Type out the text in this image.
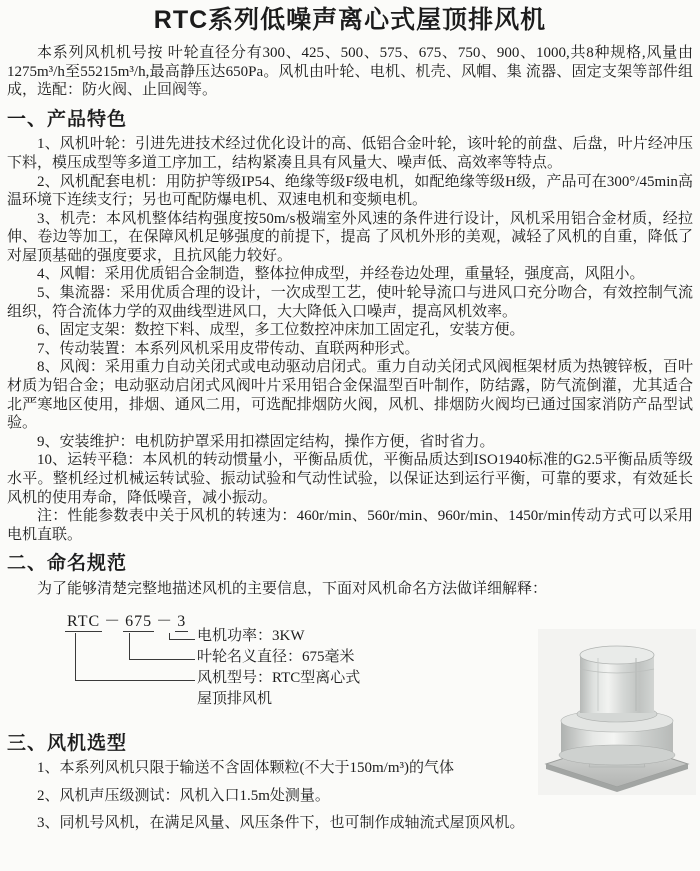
RTC系列低噪声离心式屋顶排风机

本系列风机机号按 叶轮直径分有300、425、500、575、675、750、900、1000,共8种规格,风量由1275m³/h至55215m³/h,最高静压达650Pa。风机由叶轮、电机、机壳、风帽、集 流器、固定支架等部件组成，选配：防火阀、止回阀等。

一、产品特色

1、风机叶轮：引进先进技术经过优化设计的高、低铝合金叶轮，该叶轮的前盘、后盘，叶片经冲压下料，模压成型等多道工序加工，结构紧凑且具有风量大、噪声低、高效率等特点。

2、风机配套电机：用防护等级IP54、绝缘等级F级电机，如配绝缘等级H级，产品可在300°/45min高温环境下连续支行；另也可配防爆电机、双速电机和变频电机。

3、机壳：本风机整体结构强度按50m/s极端室外风速的条件进行设计，风机采用铝合金材质，经拉伸、卷边等加工，在保障风机足够强度的前提下，提高 了风机外形的美观，减轻了风机的自重，降低了对屋顶基础的强度要求，且抗风能力较好。

4、风帽：采用优质铝合金制造，整体拉伸成型，并经卷边处理，重量轻，强度高，风阻小。

5、集流器：采用优质合理的设计，一次成型工艺，使叶轮导流口与进风口充分吻合，有效控制气流组织，符合流体力学的双曲线型进风口，大大降低入口噪声，提高风机效率。

6、固定支架：数控下料、成型，多工位数控冲床加工固定孔，安装方便。

7、传动装置：本系列风机采用皮带传动、直联两种形式。

8、风阀：采用重力自动关闭式或电动驱动启闭式。重力自动关闭式风阀框架材质为热镀锌板，百叶材质为铝合金；电动驱动启闭式风阀叶片采用铝合金保温型百叶制作，防结露，防气流倒灌，尤其适合北严寒地区使用，排烟、通风二用，可选配排烟防火阀，风机、排烟防火阀均已通过国家消防产品型试验。

9、安装维护：电机防护罩采用扣襟固定结构，操作方便，省时省力。

10、运转平稳：本风机的转动惯量小，平衡品质优，平衡品质达到ISO1940标准的G2.5平衡品质等级水平。整机经过机械运转试验、振动试验和气动性试验，以保证达到运行平衡，可靠的要求，有效延长风机的使用寿命，降低噪音，减小振动。

注：性能参数表中关于风机的转速为：460r/min、560r/min、960r/min、1450r/min传动方式可以采用电机直联。

二、命名规范

为了能够清楚完整地描述风机的主要信息，下面对风机命名方法做详细解释：

RTC － 675 － 3
电机功率：3KW
叶轮名义直径：675毫米
风机型号：RTC型离心式
屋顶排风机
三、风机选型

1、本系列风机只限于输送不含固体颗粒(不大于150m/m³)的气体

2、风机声压级测试：风机入口1.5m处测量。

3、同机号风机，在满足风量、风压条件下，也可制作成轴流式屋顶风机。
